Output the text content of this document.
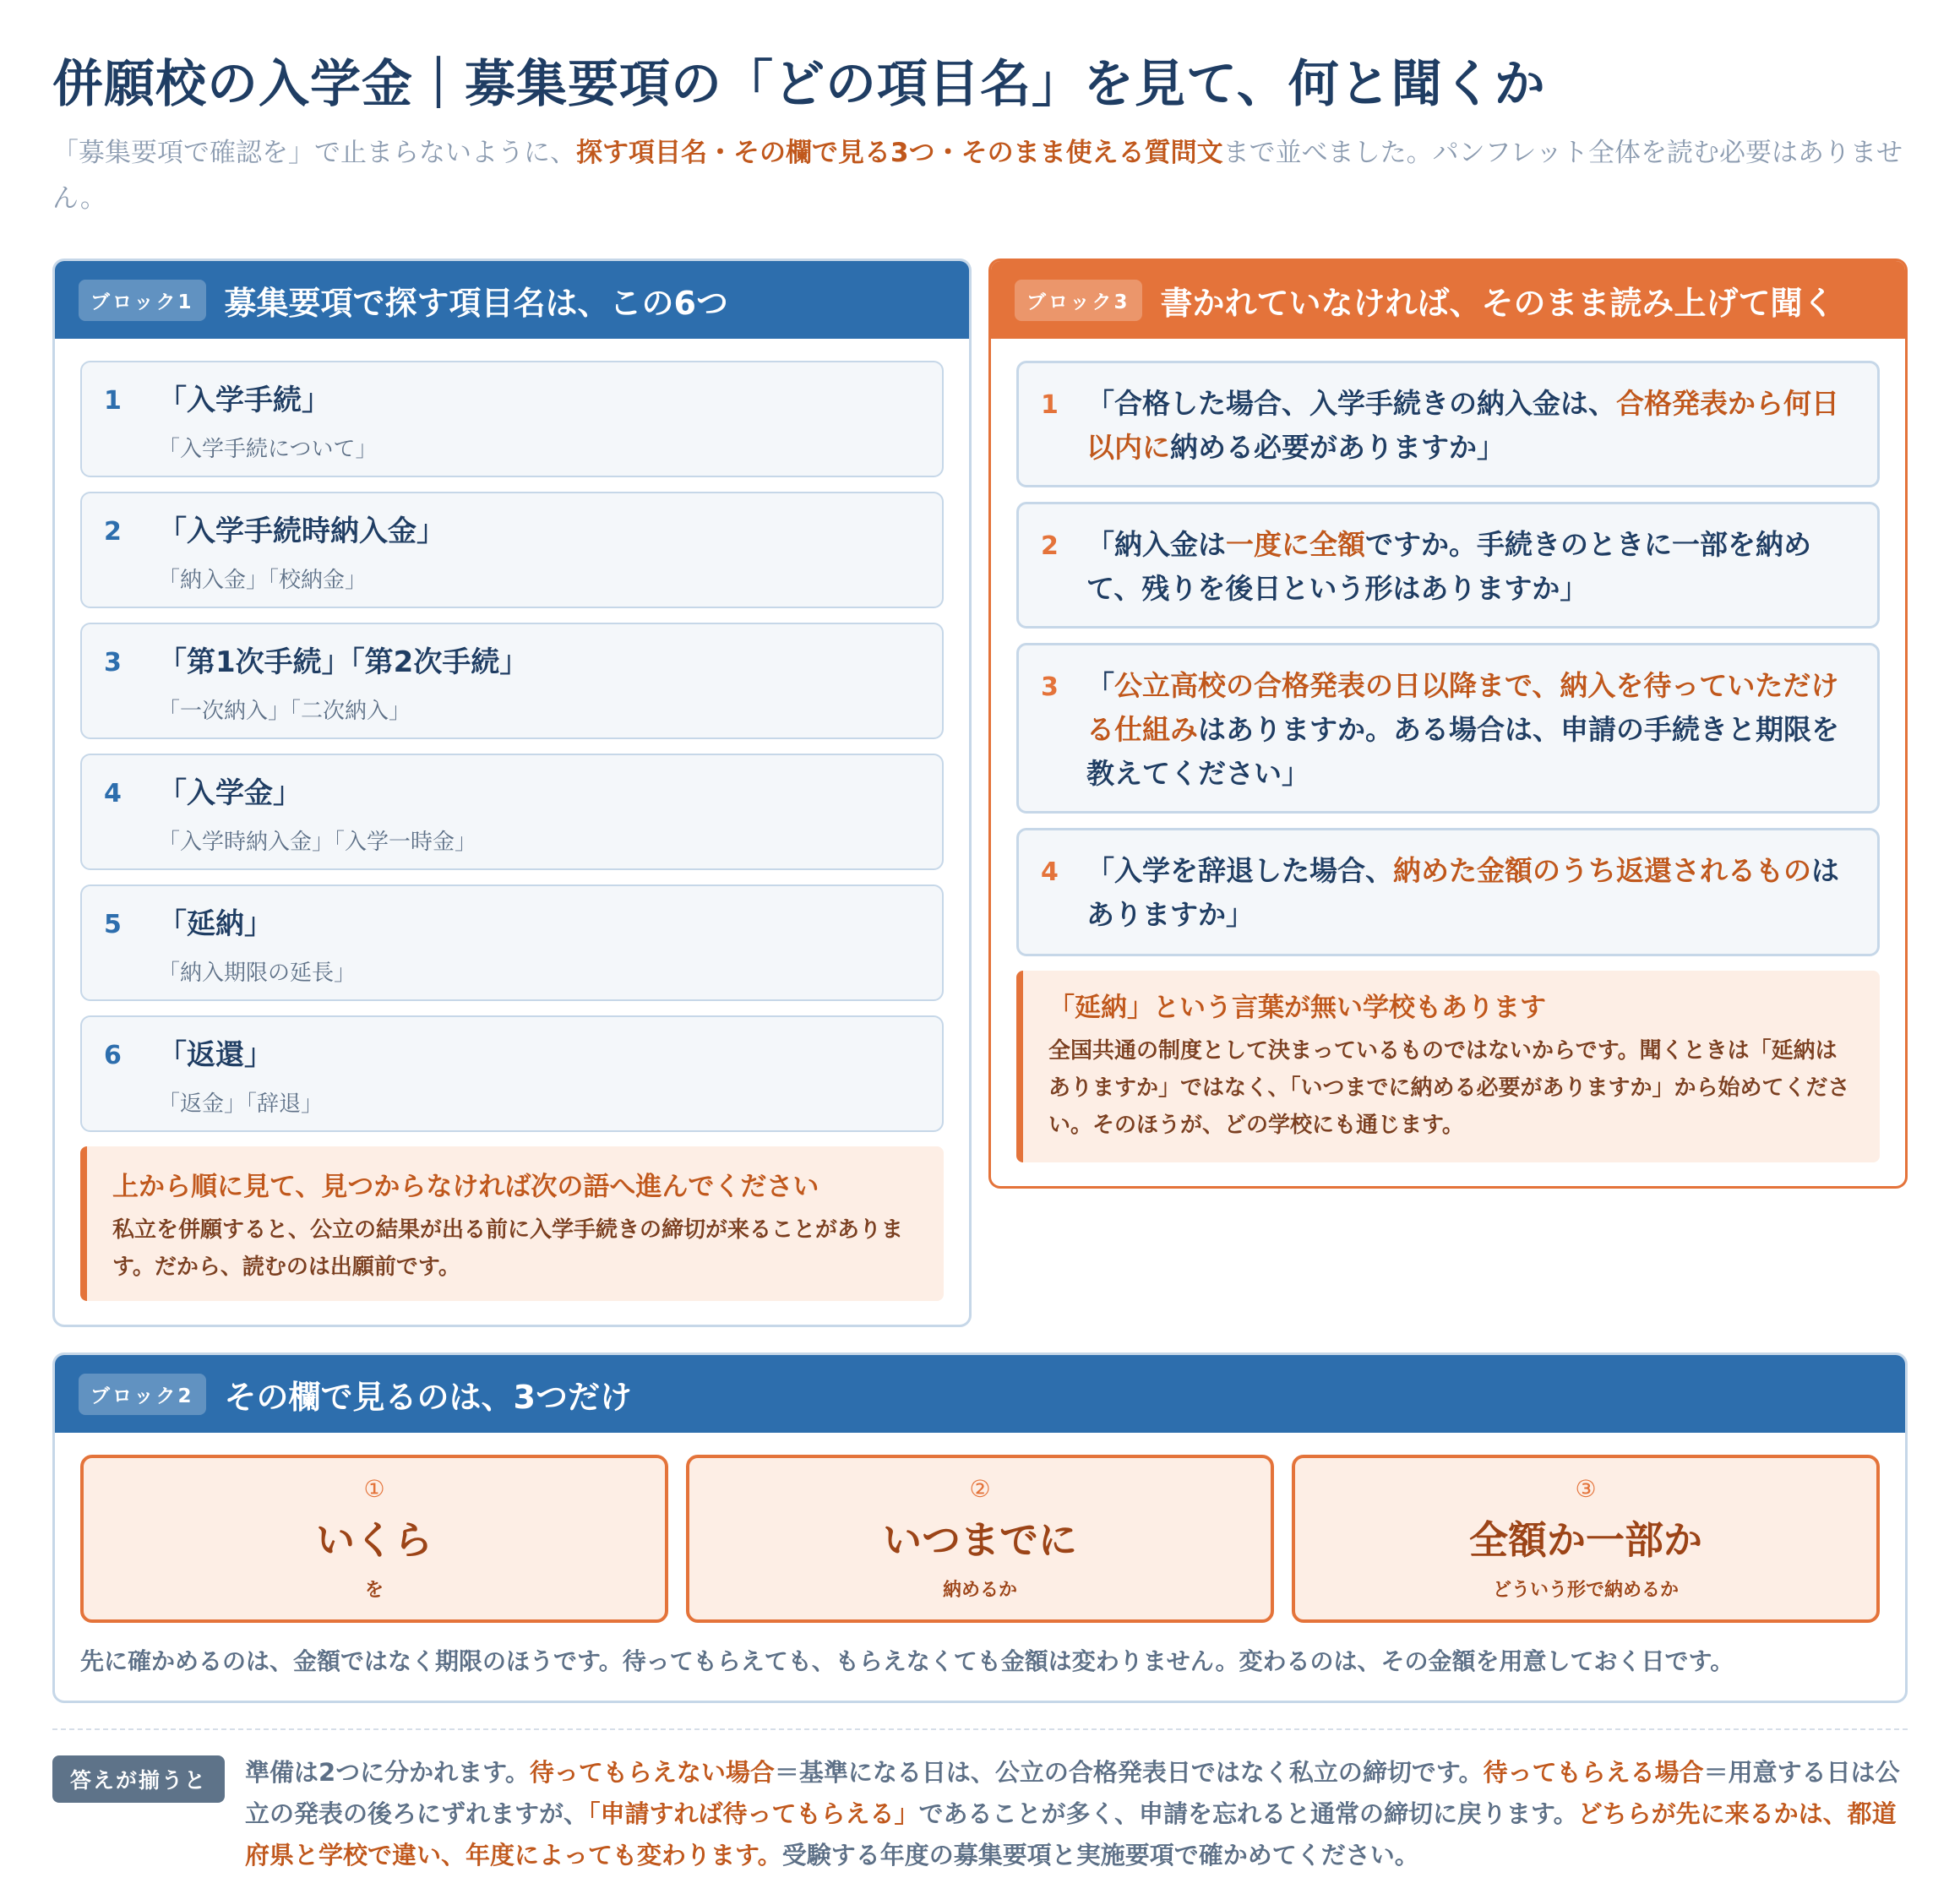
併願校の入学金｜募集要項の「どの項目名」を見て、何と聞くか

「募集要項で確認を」で止まらないように、探す項目名・その欄で見る3つ・そのまま使える質問文まで並べました。パンフレット全体を読む必要はありません。

ブロック1 募集要項で探す項目名は、この6つ
1	「入学手続」
「入学手続について」
2	「入学手続時納入金」
「納入金」「校納金」
3	「第1次手続」「第2次手続」
「一次納入」「二次納入」
4	「入学金」
「入学時納入金」「入学一時金」
5	「延納」
「納入期限の延長」
6	「返還」
「返金」「辞退」
上から順に見て、見つからなければ次の語へ進んでください
私立を併願すると、公立の結果が出る前に入学手続きの締切が来ることがあります。だから、読むのは出願前です。
ブロック3 書かれていなければ、そのまま読み上げて聞く
1	「合格した場合、入学手続きの納入金は、合格発表から何日以内に納める必要がありますか」
2	「納入金は一度に全額ですか。手続きのときに一部を納めて、残りを後日という形はありますか」
3	「公立高校の合格発表の日以降まで、納入を待っていただける仕組みはありますか。ある場合は、申請の手続きと期限を教えてください」
4	「入学を辞退した場合、納めた金額のうち返還されるものはありますか」
「延納」という言葉が無い学校もあります
全国共通の制度として決まっているものではないからです。聞くときは「延納はありますか」ではなく、「いつまでに納める必要がありますか」から始めてください。そのほうが、どの学校にも通じます。
ブロック2 その欄で見るのは、3つだけ
①
いくら
を
②
いつまでに
納めるか
③
全額か一部か
どういう形で納めるか
先に確かめるのは、金額ではなく期限のほうです。待ってもらえても、もらえなくても金額は変わりません。変わるのは、その金額を用意しておく日です。
答えが揃うと	準備は2つに分かれます。待ってもらえない場合＝基準になる日は、公立の合格発表日ではなく私立の締切です。待ってもらえる場合＝用意する日は公立の発表の後ろにずれますが、「申請すれば待ってもらえる」であることが多く、申請を忘れると通常の締切に戻ります。どちらが先に来るかは、都道府県と学校で違い、年度によっても変わります。受験する年度の募集要項と実施要項で確かめてください。
